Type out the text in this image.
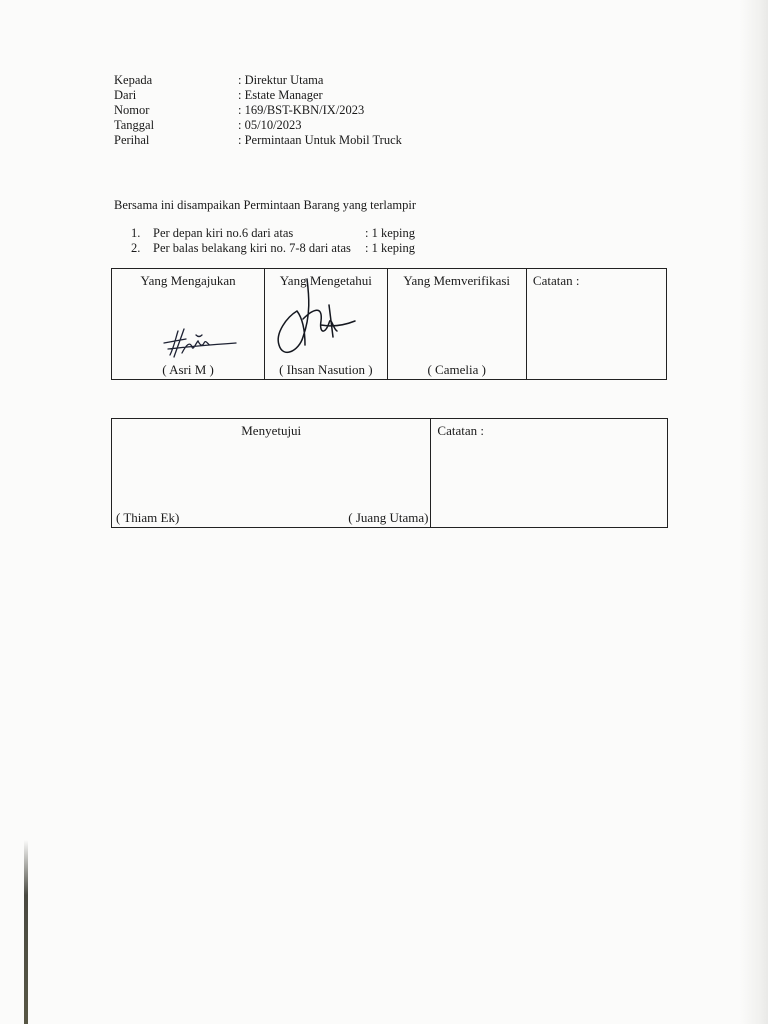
Kepada	: Direktur Utama
Dari	: Estate Manager
Nomor	: 169/BST-KBN/IX/2023
Tanggal	: 05/10/2023
Perihal	: Permintaan Untuk Mobil Truck
Bersama ini disampaikan Permintaan Barang yang terlampir
1.	Per depan kiri no.6 dari atas	: 1 keping
2.	Per balas belakang kiri no. 7-8 dari atas	: 1 keping
Yang Mengajukan
( Asri M )

Yang Mengetahui
( Ihsan Nasution )

Yang Memverifikasi
( Camelia )

Catatan :
Menyetujui
( Thiam Ek)	( Juang Utama)

Catatan :
